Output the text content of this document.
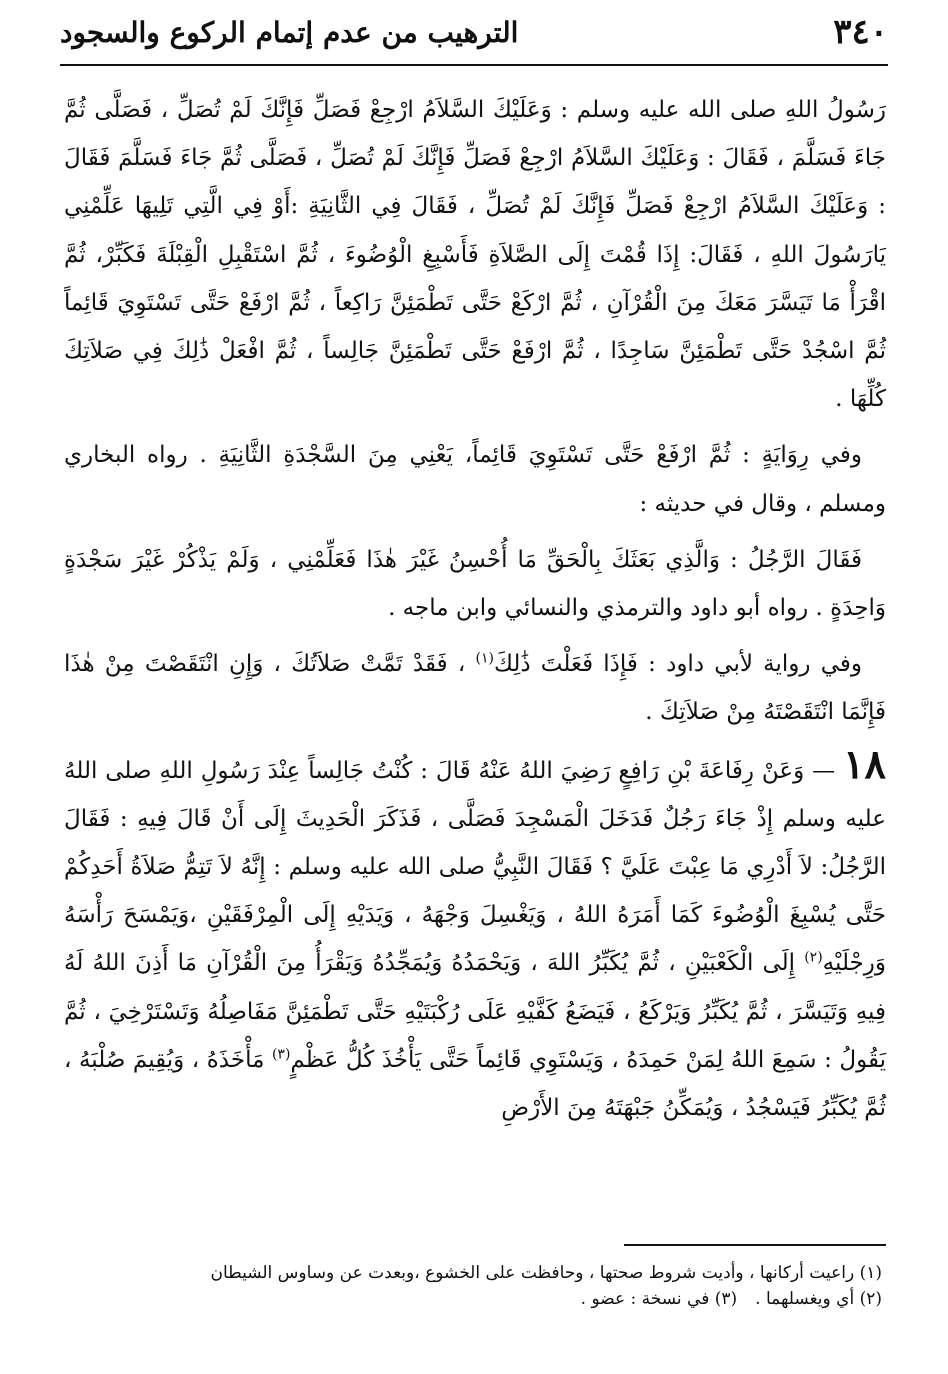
٣٤٠
الترهيب من عدم إتمام الركوع والسجود

رَسُولُ اللهِ صلى الله عليه وسلم : وَعَلَيْكَ السَّلاَمُ ارْجِعْ فَصَلِّ فَإِنَّكَ لَمْ تُصَلِّ ، فَصَلَّى ثُمَّ جَاءَ فَسَلَّمَ ، فَقَالَ : وَعَلَيْكَ السَّلاَمُ ارْجِعْ فَصَلِّ فَإِنَّكَ لَمْ تُصَلِّ ، فَصَلَّى ثُمَّ جَاءَ فَسَلَّمَ فَقَالَ : وَعَلَيْكَ السَّلاَمُ ارْجِعْ فَصَلِّ فَإِنَّكَ لَمْ تُصَلِّ ، فَقَالَ فِي الثَّانِيَةِ :أَوْ فِي الَّتِي تَلِيهَا عَلِّمْنِي يَارَسُولَ اللهِ ، فَقَالَ: إِذَا قُمْتَ إِلَى الصَّلاَةِ فَأَسْبِغِ الْوُضُوءَ ، ثُمَّ اسْتَقْبِلِ الْقِبْلَةَ فَكَبِّرْ، ثُمَّ اقْرَأْ مَا تَيَسَّرَ مَعَكَ مِنَ الْقُرْآنِ ، ثُمَّ ارْكَعْ حَتَّى تَطْمَئِنَّ رَاكِعاً ، ثُمَّ ارْفَعْ حَتَّى تَسْتَوِيَ قَائِماً ثُمَّ اسْجُدْ حَتَّى تَطْمَئِنَّ سَاجِدًا ، ثُمَّ ارْفَعْ حَتَّى تَطْمَئِنَّ جَالِساً ، ثُمَّ افْعَلْ ذَٰلِكَ فِي صَلاَتِكَ كُلِّهَا .

وفي رِوَايَةٍ : ثُمَّ ارْفَعْ حَتَّى تَسْتَوِيَ قَائِماً، يَعْنِي مِنَ السَّجْدَةِ الثَّانِيَةِ . رواه البخاري ومسلم ، وقال في حديثه :

فَقَالَ الرَّجُلُ : وَالَّذِي بَعَثَكَ بِالْحَقِّ مَا أُحْسِنُ غَيْرَ هٰذَا فَعَلِّمْنِي ، وَلَمْ يَذْكُرْ غَيْرَ سَجْدَةٍ وَاحِدَةٍ . رواه أبو داود والترمذي والنسائي وابن ماجه .

وفي رواية لأبي داود : فَإِذَا فَعَلْتَ ذَٰلِكَ$^{(١)}$ ، فَقَدْ تَمَّتْ صَلاَتُكَ ، وَإِنِ انْتَقَصْتَ مِنْ هٰذَا فَإِنَّمَا انْتَقَصْتَهُ مِنْ صَلاَتِكَ .

١٨ — وَعَنْ رِفَاعَةَ بْنِ رَافِعٍ رَضِيَ اللهُ عَنْهُ قَالَ : كُنْتُ جَالِساً عِنْدَ رَسُولِ اللهِ صلى اللهُ عليه وسلم إِذْ جَاءَ رَجُلٌ فَدَخَلَ الْمَسْجِدَ فَصَلَّى ، فَذَكَرَ الْحَدِيثَ إِلَى أَنْ قَالَ فِيهِ : فَقَالَ الرَّجُلُ: لاَ أَدْرِي مَا عِبْتَ عَلَيَّ ؟ فَقَالَ النَّبِيُّ صلى الله عليه وسلم : إِنَّهُ لاَ تَتِمُّ صَلاَةُ أَحَدِكُمْ حَتَّى يُسْبِغَ الْوُضُوءَ كَمَا أَمَرَهُ اللهُ ، وَيَغْسِلَ وَجْهَهُ ، وَيَدَيْهِ إِلَى الْمِرْفَقَيْنِ ،وَيَمْسَحَ رَأْسَهُ وَرِجْلَيْهِ$^{(٢)}$ إِلَى الْكَعْبَيْنِ ، ثُمَّ يُكَبِّرُ اللهَ ، وَيَحْمَدُهُ وَيُمَجِّدُهُ وَيَقْرَأُ مِنَ الْقُرْآنِ مَا أَذِنَ اللهُ لَهُ فِيهِ وَتَيَسَّرَ ، ثُمَّ يُكَبِّرُ وَيَرْكَعُ ، فَيَضَعُ كَفَّيْهِ عَلَى رُكْبَتَيْهِ حَتَّى تَطْمَئِنَّ مَفَاصِلُهُ وَتَسْتَرْخِيَ ، ثُمَّ يَقُولُ : سَمِعَ اللهُ لِمَنْ حَمِدَهُ ، وَيَسْتَوِي قَائِماً حَتَّى يَأْخُذَ كُلُّ عَظْمٍ$^{(٣)}$ مَأْخَذَهُ ، وَيُقِيمَ صُلْبَهُ ، ثُمَّ يُكَبِّرُ فَيَسْجُدُ ، وَيُمَكِّنُ جَبْهَتَهُ مِنَ الأَرْضِ

(١) راعيت أركانها ، وأديت شروط صحتها ، وحافظت على الخشوع ،وبعدت عن وساوس الشيطان
(٢) أي ويغسلهما .(٣) في نسخة : عضو .
